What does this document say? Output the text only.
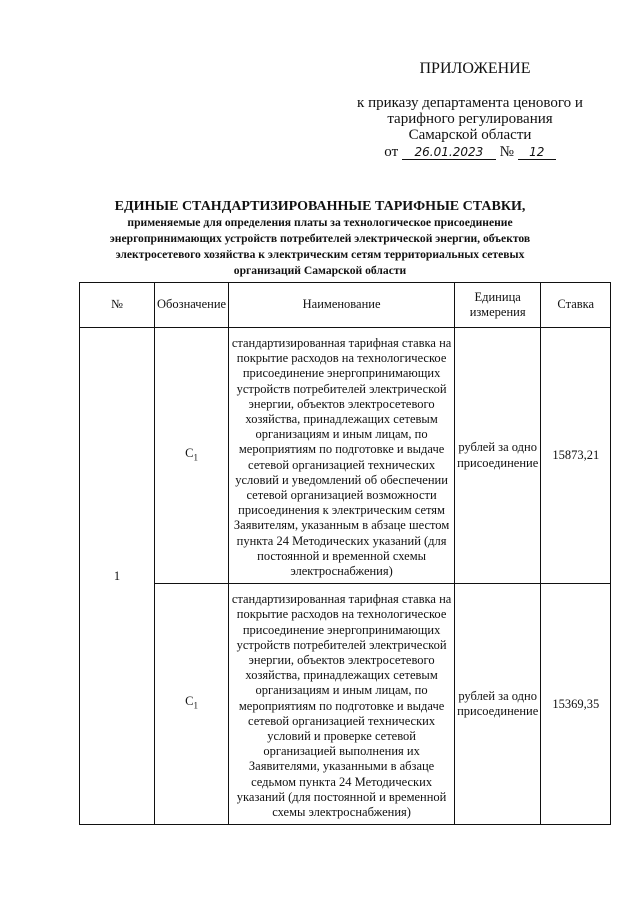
ПРИЛОЖЕНИЕ
к приказу департамента ценового и
тарифного регулирования
Самарской области
от 26.01.2023 № 12
ЕДИНЫЕ СТАНДАРТИЗИРОВАННЫЕ ТАРИФНЫЕ СТАВКИ,
применяемые для определения платы за технологическое присоединение
энергопринимающих устройств потребителей электрической энергии, объектов
электросетевого хозяйства к электрическим сетям территориальных сетевых
организаций Самарской области
№	Обозначение	Наименование	Единица измерения	Ставка
1	$C_1$	стандартизированная тарифная ставка на покрытие расходов на технологическое присоединение энергопринимающих устройств потребителей электрической энергии, объектов электросетевого хозяйства, принадлежащих сетевым организациям и иным лицам, по мероприятиям по подготовке и выдаче сетевой организацией технических условий и уведомлений об обеспечении сетевой организацией возможности присоединения к электрическим сетям Заявителям, указанным в абзаце шестом пункта 24 Методических указаний (для постоянной и временной схемы электроснабжения)	рублей за одно присоединение	15873,21
	$C_1$	стандартизированная тарифная ставка на покрытие расходов на технологическое присоединение энергопринимающих устройств потребителей электрической энергии, объектов электросетевого хозяйства, принадлежащих сетевым организациям и иным лицам, по мероприятиям по подготовке и выдаче сетевой организацией технических условий и проверке сетевой организацией выполнения их Заявителями, указанными в абзаце седьмом пункта 24 Методических указаний (для постоянной и временной схемы электроснабжения)	рублей за одно присоединение	15369,35
